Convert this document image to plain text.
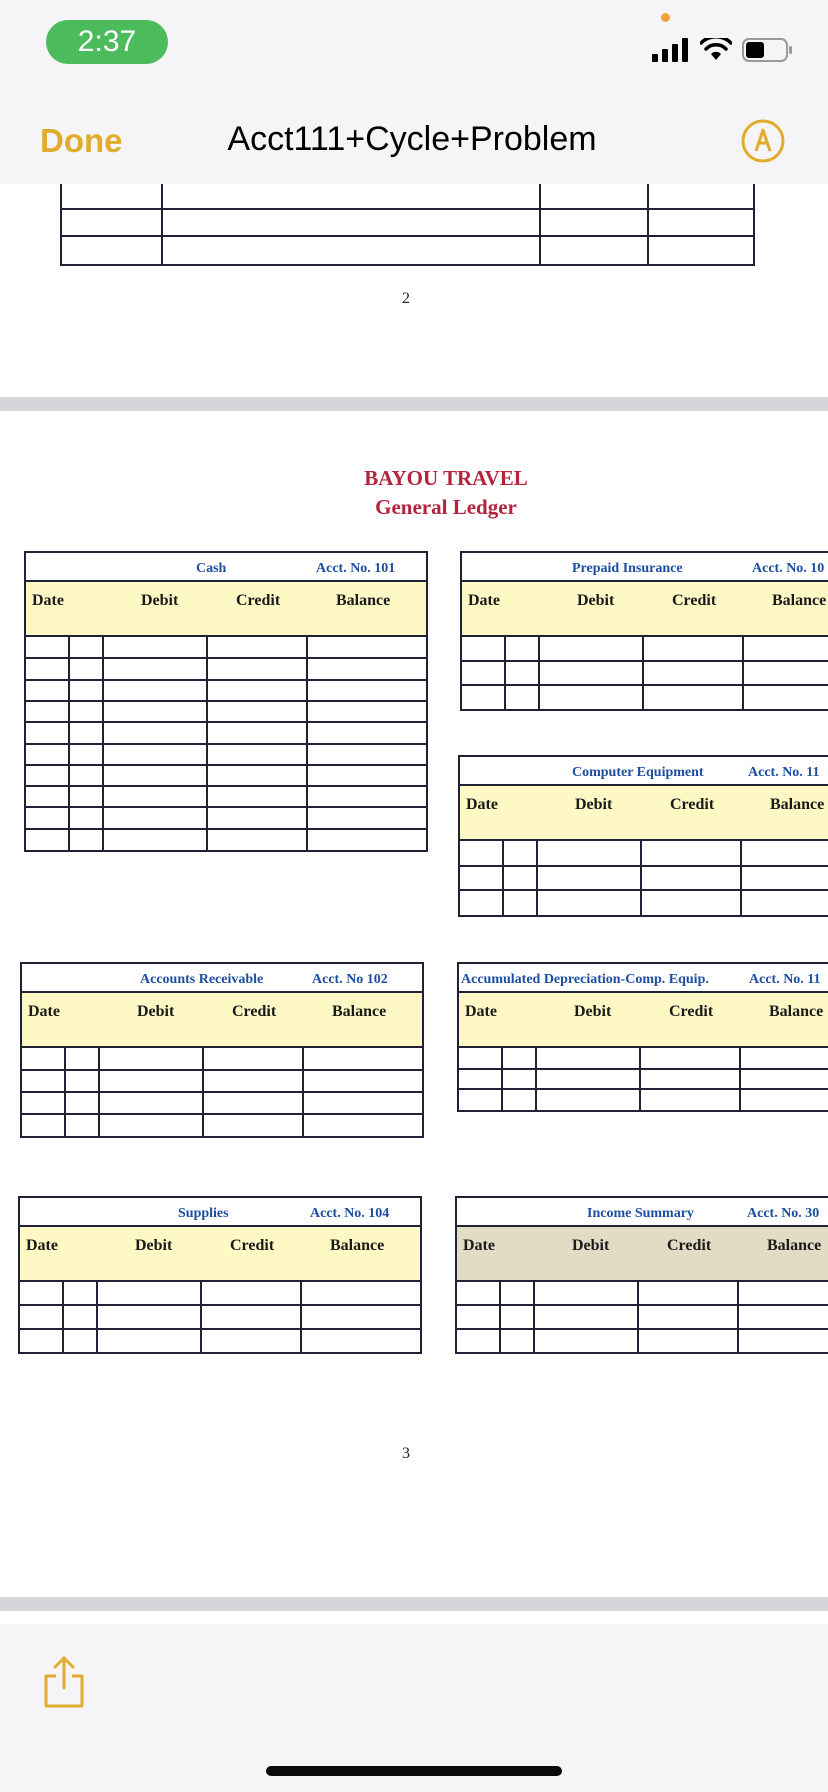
2:37
Acct111+Cycle+Problem
Done
2
BAYOU TRAVEL
General Ledger
Cash	Acct. No. 101
Date	Debit	Credit	Balance
Prepaid Insurance	Acct. No. 10
Date	Debit	Credit	Balance
Computer Equipment	Acct. No. 11
Date	Debit	Credit	Balance
Accounts Receivable	Acct. No 102
Date	Debit	Credit	Balance
Accumulated Depreciation-Comp. Equip.	Acct. No. 11
Date	Debit	Credit	Balance
Supplies	Acct. No. 104
Date	Debit	Credit	Balance
Income Summary	Acct. No. 30
Date	Debit	Credit	Balance
3
